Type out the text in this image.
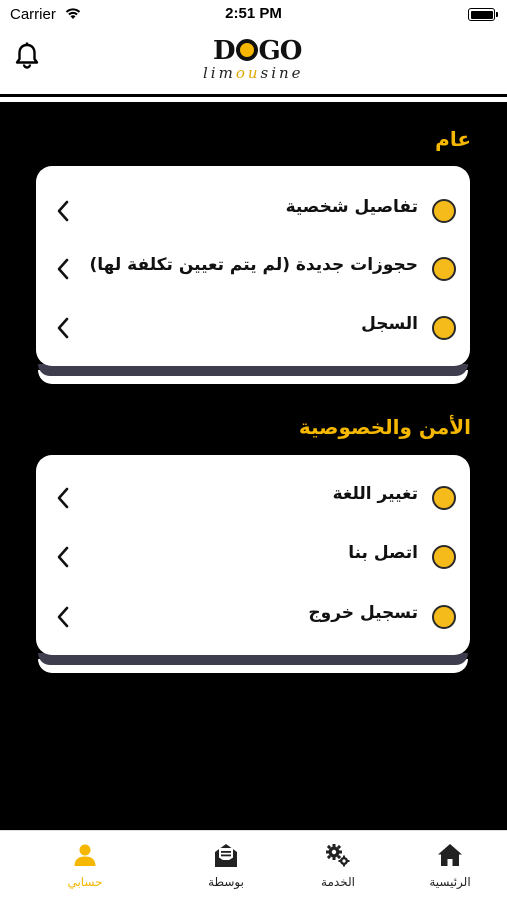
Carrier	2:51 PM
D GO
limousine
عام
تفاصيل شخصية
حجوزات جديدة (لم يتم تعيين تكلفة لها)
السجل
الأمن والخصوصية
تغيير اللغة
اتصل بنا
تسجيل خروج
حسابي	بوسطة	الخدمة	الرئيسية
